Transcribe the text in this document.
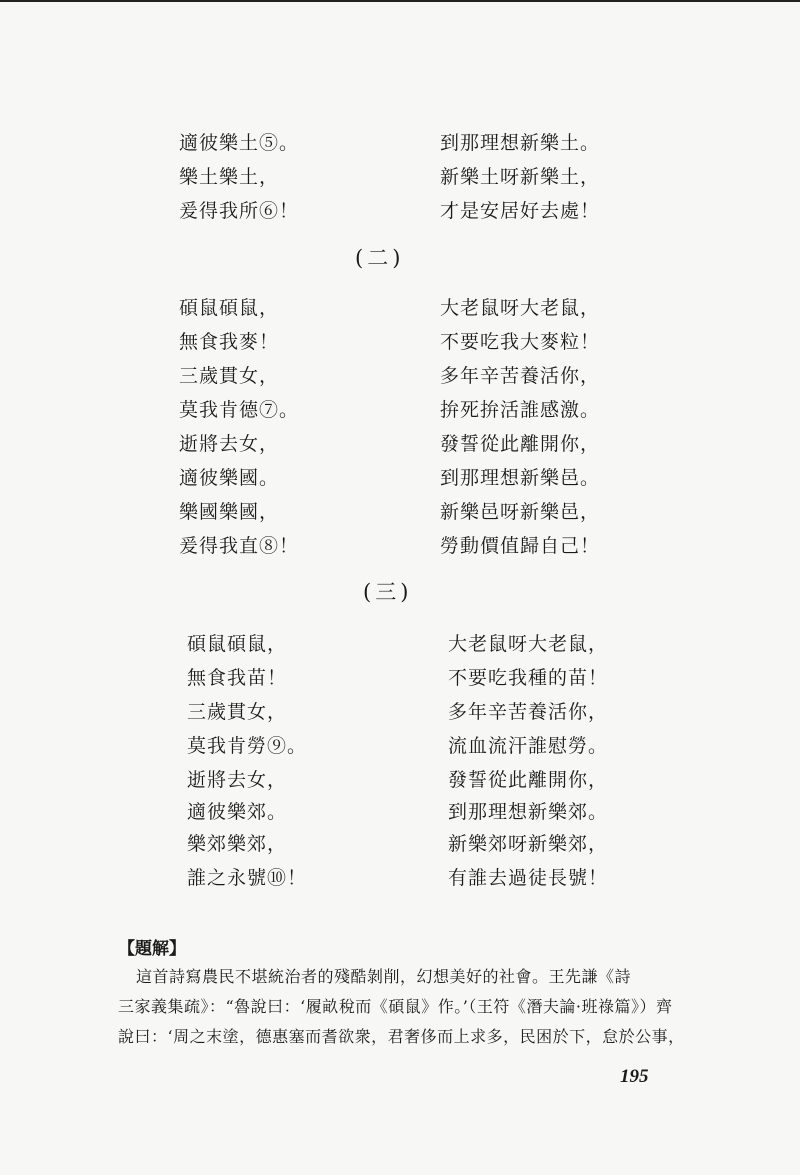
適彼樂土⑤。
樂土樂土，
爰得我所⑥！
到那理想新樂土。
新樂土呀新樂土，
才是安居好去處！
(二)
碩鼠碩鼠，
無食我麥！
三歲貫女，
莫我肯德⑦。
逝將去女，
適彼樂國。
樂國樂國，
爰得我直⑧！
大老鼠呀大老鼠，
不要吃我大麥粒！
多年辛苦養活你，
拚死拚活誰感激。
發誓從此離開你，
到那理想新樂邑。
新樂邑呀新樂邑，
勞動價值歸自己！
(三)
碩鼠碩鼠，
無食我苗！
三歲貫女，
莫我肯勞⑨。
逝將去女，
適彼樂郊。
樂郊樂郊，
誰之永號⑩！
大老鼠呀大老鼠，
不要吃我種的苗！
多年辛苦養活你，
流血流汗誰慰勞。
發誓從此離開你，
到那理想新樂郊。
新樂郊呀新樂郊，
有誰去過徒長號！
【題解】
這首詩寫農民不堪統治者的殘酷剝削，幻想美好的社會。王先謙《詩
三家義集疏》：“魯說曰：‘履畝稅而《碩鼠》作。’（王符《潛夫論·班祿篇》）齊
說曰：‘周之末塗，德惠塞而耆欲衆，君奢侈而上求多，民困於下，怠於公事，
195
